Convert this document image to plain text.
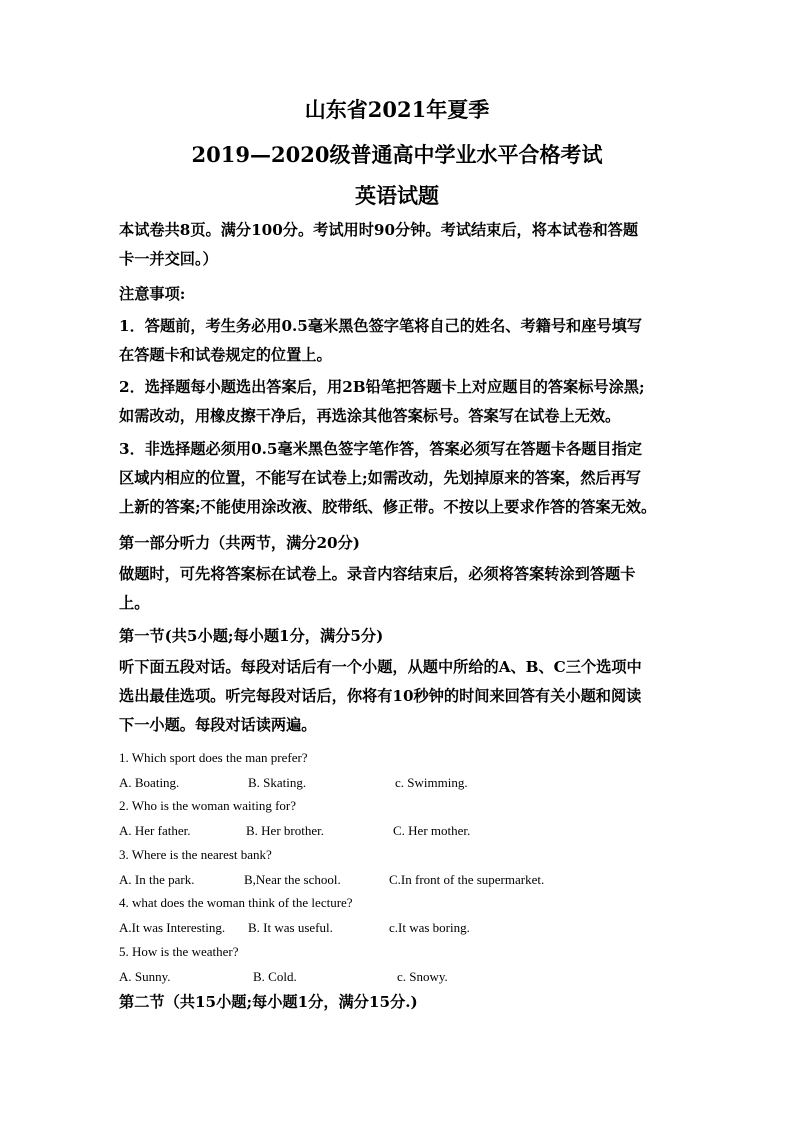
山东省2021年夏季
2019—2020级普通高中学业水平合格考试
英语试题
本试卷共8页。满分100分。考试用时90分钟。考试结束后，将本试卷和答题
卡一并交回。）
注意事项:
1．答题前，考生务必用0.5毫米黑色签字笔将自己的姓名、考籍号和座号填写
在答题卡和试卷规定的位置上。
2．选择题每小题选出答案后，用2B铅笔把答题卡上对应题目的答案标号涂黑;
如需改动，用橡皮擦干净后，再选涂其他答案标号。答案写在试卷上无效。
3．非选择题必须用0.5毫米黑色签字笔作答，答案必须写在答题卡各题目指定
区域内相应的位置，不能写在试卷上;如需改动，先划掉原来的答案，然后再写
上新的答案;不能使用涂改液、胶带纸、修正带。不按以上要求作答的答案无效。
第一部分听力（共两节，满分20分)
做题时，可先将答案标在试卷上。录音内容结束后，必须将答案转涂到答题卡
上。
第一节(共5小题;每小题1分，满分5分)
听下面五段对话。每段对话后有一个小题，从题中所给的A、B、C三个选项中
选出最佳选项。听完每段对话后，你将有10秒钟的时间来回答有关小题和阅读
下一小题。每段对话读两遍。
1. Which sport does the man prefer?
A. Boating.	B. Skating.	c. Swimming.
2. Who is the woman waiting for?
A. Her father.	B. Her brother.	C. Her mother.
3. Where is the nearest bank?
A. In the park.	B,Near the school.	C.In front of the supermarket.
4. what does the woman think of the lecture?
A.It was Interesting. B. It was useful.	c.It was boring.
5. How is the weather?
A. Sunny.	B. Cold.	c. Snowy.
第二节（共15小题;每小题1分，满分15分.)
